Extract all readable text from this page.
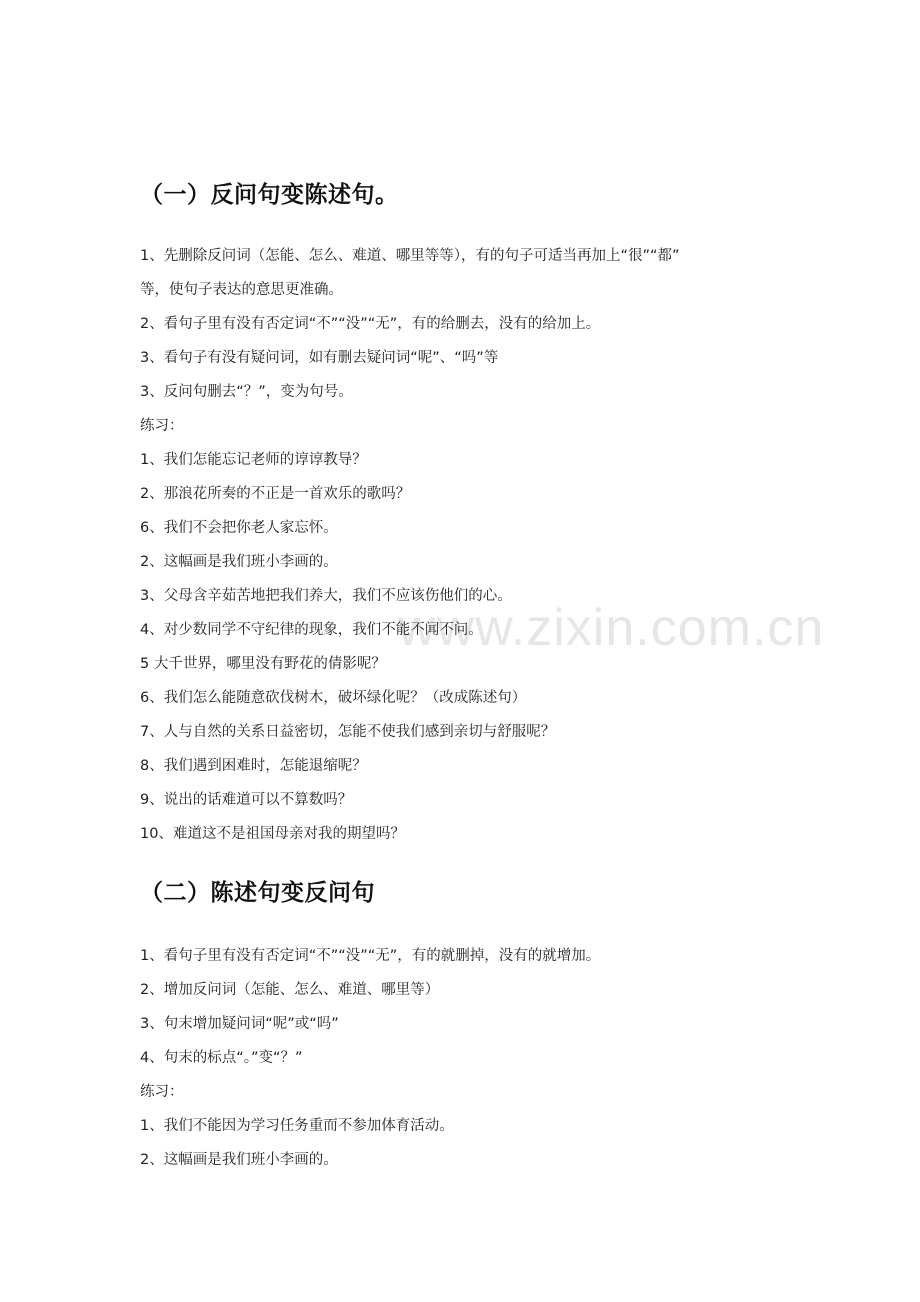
www.zixin.com.cn
（一）反问句变陈述句。
1、先删除反问词（怎能、怎么、难道、哪里等等），有的句子可适当再加上“很”“都”
等，使句子表达的意思更准确。
2、看句子里有没有否定词“不”“没”“无”，有的给删去，没有的给加上。
3、看句子有没有疑问词，如有删去疑问词“呢”、“吗”等
3、反问句删去“？”，变为句号。
练习：
1、我们怎能忘记老师的谆谆教导？
2、那浪花所奏的不正是一首欢乐的歌吗？
6、我们不会把你老人家忘怀。
2、这幅画是我们班小李画的。
3、父母含辛茹苦地把我们养大，我们不应该伤他们的心。
4、对少数同学不守纪律的现象，我们不能不闻不问。
5 大千世界，哪里没有野花的倩影呢？
6、我们怎么能随意砍伐树木，破坏绿化呢？（改成陈述句）
7、人与自然的关系日益密切，怎能不使我们感到亲切与舒服呢？
8、我们遇到困难时，怎能退缩呢？
9、说出的话难道可以不算数吗？
10、难道这不是祖国母亲对我的期望吗？
（二）陈述句变反问句
1、看句子里有没有否定词“不”“没”“无”，有的就删掉，没有的就增加。
2、增加反问词（怎能、怎么、难道、哪里等）
3、句末增加疑问词“呢”或“吗”
4、句末的标点“。”变“？”
练习：
1、我们不能因为学习任务重而不参加体育活动。
2、这幅画是我们班小李画的。
